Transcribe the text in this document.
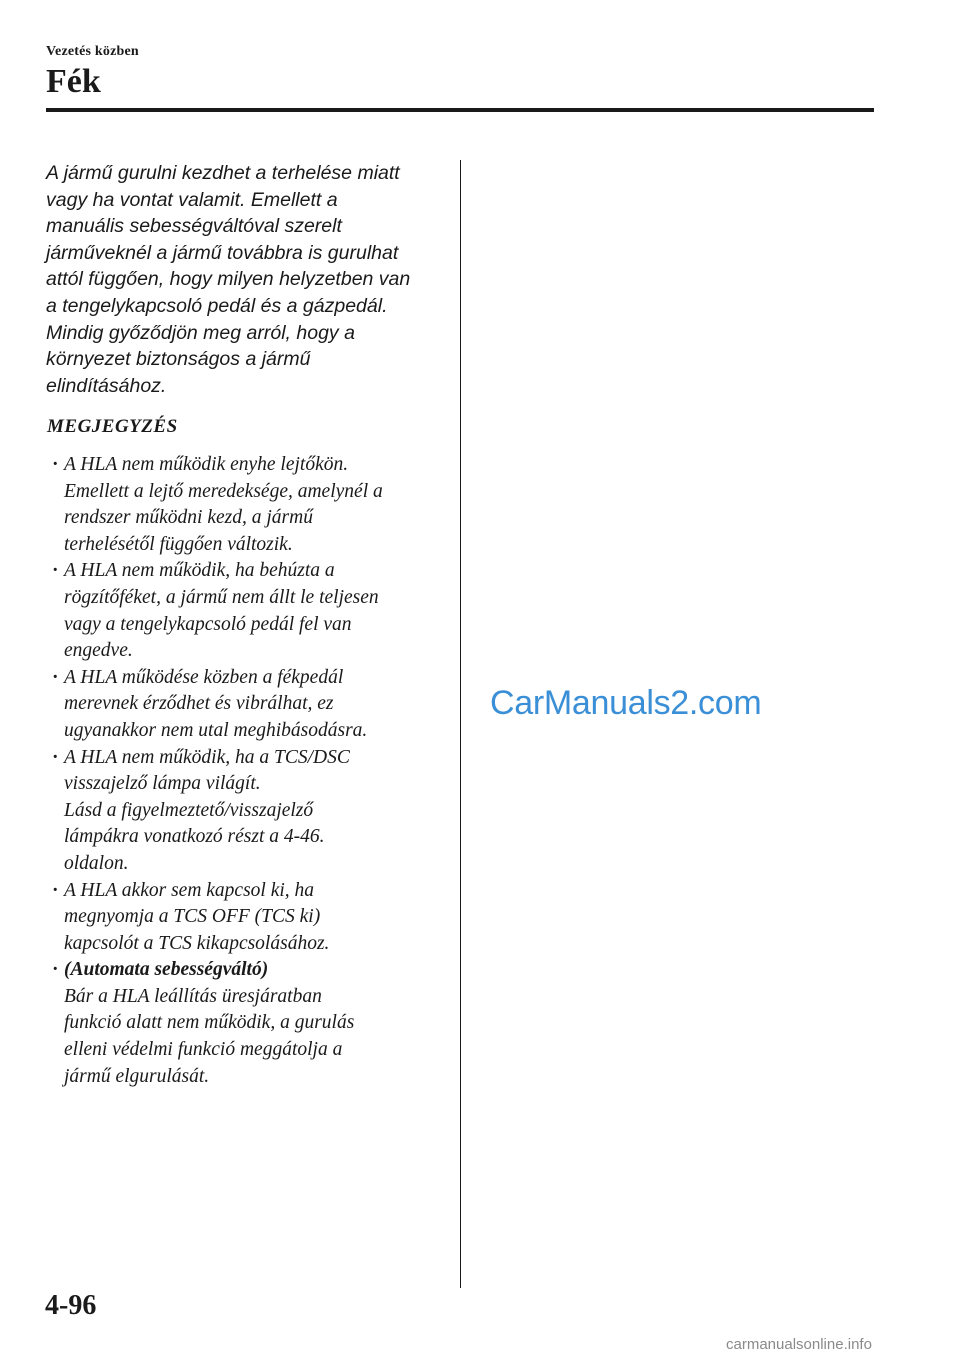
Vezetés közben
Fék

A jármű gurulni kezdhet a terhelése miatt
vagy ha vontat valamit. Emellett a
manuális sebességváltóval szerelt
járműveknél a jármű továbbra is gurulhat
attól függően, hogy milyen helyzetben van
a tengelykapcsoló pedál és a gázpedál.
Mindig győződjön meg arról, hogy a
környezet biztonságos a jármű
elindításához.

MEGJEGYZÉS
· A HLA nem működik enyhe lejtőkön.
Emellett a lejtő meredeksége, amelynél a
rendszer működni kezd, a jármű
terhelésétől függően változik.
· A HLA nem működik, ha behúzta a
rögzítőféket, a jármű nem állt le teljesen
vagy a tengelykapcsoló pedál fel van
engedve.
· A HLA működése közben a fékpedál
merevnek érződhet és vibrálhat, ez
ugyanakkor nem utal meghibásodásra.
· A HLA nem működik, ha a TCS/DSC
visszajelző lámpa világít.
Lásd a figyelmeztető/visszajelző
lámpákra vonatkozó részt a 4-46.
oldalon.
· A HLA akkor sem kapcsol ki, ha
megnyomja a TCS OFF (TCS ki)
kapcsolót a TCS kikapcsolásához.
· (Automata sebességváltó)
Bár a HLA leállítás üresjáratban
funkció alatt nem működik, a gurulás
elleni védelmi funkció meggátolja a
jármű elgurulását.
CarManuals2.com
4-96
carmanualsonline.info
